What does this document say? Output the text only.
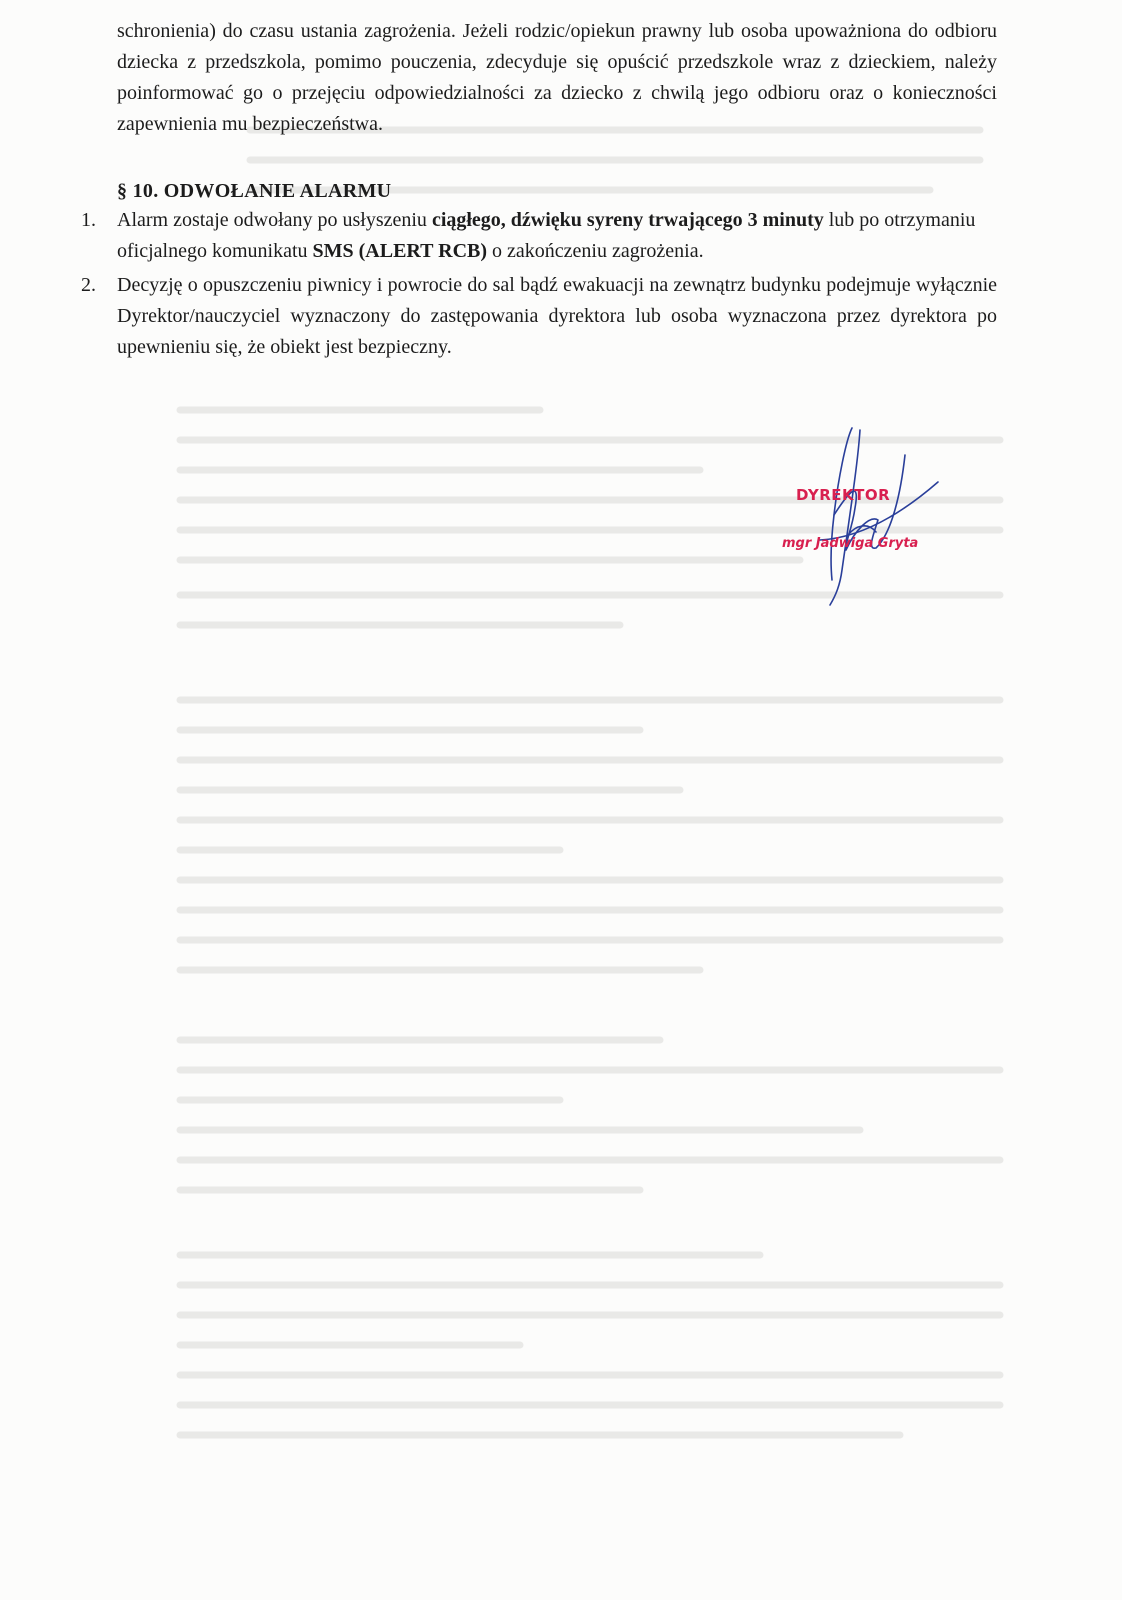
schronienia) do czasu ustania zagrożenia. Jeżeli rodzic/opiekun prawny lub osoba upoważniona do odbioru dziecka z przedszkola, pomimo pouczenia, zdecyduje się opuścić przedszkole wraz z dzieckiem, należy poinformować go o przejęciu odpowiedzialności za dziecko z chwilą jego odbioru oraz o konieczności zapewnienia mu bezpieczeństwa.

§ 10. ODWOŁANIE ALARMU
1. Alarm zostaje odwołany po usłyszeniu ciągłego, dźwięku syreny trwającego 3 minuty lub po otrzymaniu oficjalnego komunikatu SMS (ALERT RCB) o zakończeniu zagrożenia.
2. Decyzję o opuszczeniu piwnicy i powrocie do sal bądź ewakuacji na zewnątrz budynku podejmuje wyłącznie Dyrektor/nauczyciel wyznaczony do zastępowania dyrektora lub osoba wyznaczona przez dyrektora po upewnieniu się, że obiekt jest bezpieczny.
DYREKTOR
mgr Jadwiga Gryta
